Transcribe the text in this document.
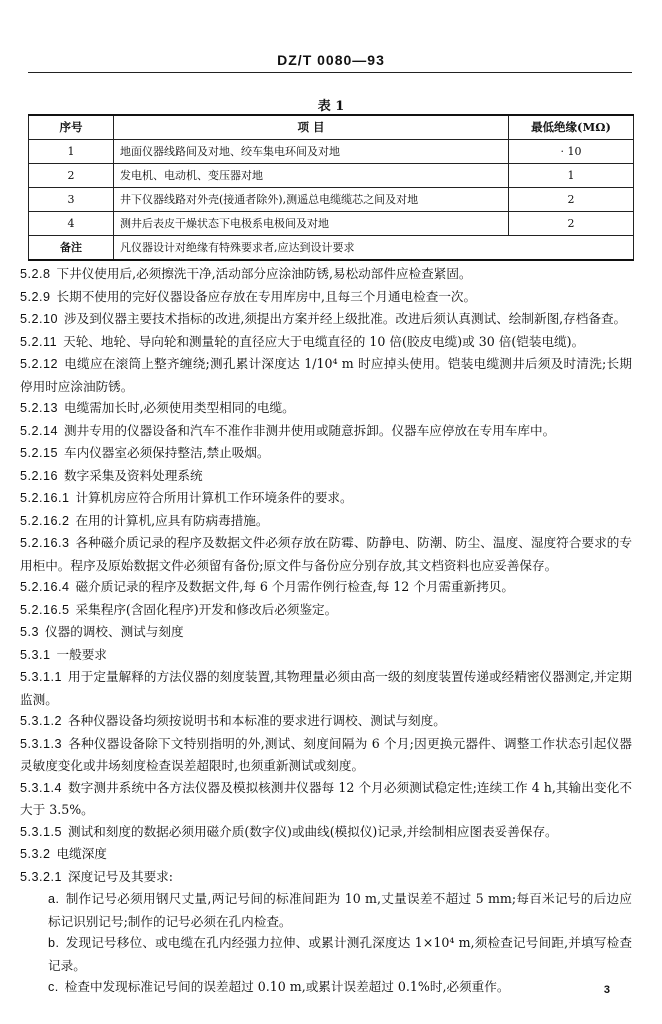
DZ/T 0080—93
表 1
序号	项 目	最低绝缘(MΩ)
1	地面仪器线路间及对地、绞车集电环间及对地	· 10
2	发电机、电动机、变压器对地	1
3	井下仪器线路对外壳(接通者除外),测遥总电缆缆芯之间及对地	2
4	测井后表皮干燥状态下电极系电极间及对地	2
备注	凡仪器设计对绝缘有特殊要求者,应达到设计要求	

5.2.8 下井仪使用后,必须擦洗干净,活动部分应涂油防锈,易松动部件应检查紧固。

5.2.9 长期不使用的完好仪器设备应存放在专用库房中,且每三个月通电检查一次。

5.2.10 涉及到仪器主要技术指标的改进,须提出方案并经上级批准。改进后须认真测试、绘制新图,存档备查。

5.2.11 天轮、地轮、导向轮和测量轮的直径应大于电缆直径的 10 倍(胶皮电缆)或 30 倍(铠装电缆)。

5.2.12 电缆应在滚筒上整齐缠绕;测孔累计深度达 1/10⁴ m 时应掉头使用。铠装电缆测井后须及时清洗;长期停用时应涂油防锈。

5.2.13 电缆需加长时,必须使用类型相同的电缆。

5.2.14 测井专用的仪器设备和汽车不准作非测井使用或随意拆卸。仪器车应停放在专用车库中。

5.2.15 车内仪器室必须保持整洁,禁止吸烟。

5.2.16 数字采集及资料处理系统

5.2.16.1 计算机房应符合所用计算机工作环境条件的要求。

5.2.16.2 在用的计算机,应具有防病毒措施。

5.2.16.3 各种磁介质记录的程序及数据文件必须存放在防霉、防静电、防潮、防尘、温度、湿度符合要求的专用柜中。程序及原始数据文件必须留有备份;原文件与备份应分别存放,其文档资料也应妥善保存。

5.2.16.4 磁介质记录的程序及数据文件,每 6 个月需作例行检查,每 12 个月需重新拷贝。

5.2.16.5 采集程序(含固化程序)开发和修改后必须鉴定。

5.3 仪器的调校、测试与刻度

5.3.1 一般要求

5.3.1.1 用于定量解释的方法仪器的刻度装置,其物理量必须由高一级的刻度装置传递或经精密仪器测定,并定期监测。

5.3.1.2 各种仪器设备均须按说明书和本标准的要求进行调校、测试与刻度。

5.3.1.3 各种仪器设备除下文特别指明的外,测试、刻度间隔为 6 个月;因更换元器件、调整工作状态引起仪器灵敏度变化或井场刻度检查误差超限时,也须重新测试或刻度。

5.3.1.4 数字测井系统中各方法仪器及模拟核测井仪器每 12 个月必须测试稳定性;连续工作 4 h,其输出变化不大于 3.5%。

5.3.1.5 测试和刻度的数据必须用磁介质(数字仪)或曲线(模拟仪)记录,并绘制相应图表妥善保存。

5.3.2 电缆深度

5.3.2.1 深度记号及其要求:

a. 制作记号必须用钢尺丈量,两记号间的标准间距为 10 m,丈量误差不超过 5 mm;每百米记号的后边应标记识别记号;制作的记号必须在孔内检查。

b. 发现记号移位、或电缆在孔内经强力拉伸、或累计测孔深度达 1×10⁴ m,须检查记号间距,并填写检查记录。

c. 检查中发现标准记号间的误差超过 0.10 m,或累计误差超过 0.1%时,必须重作。	3
